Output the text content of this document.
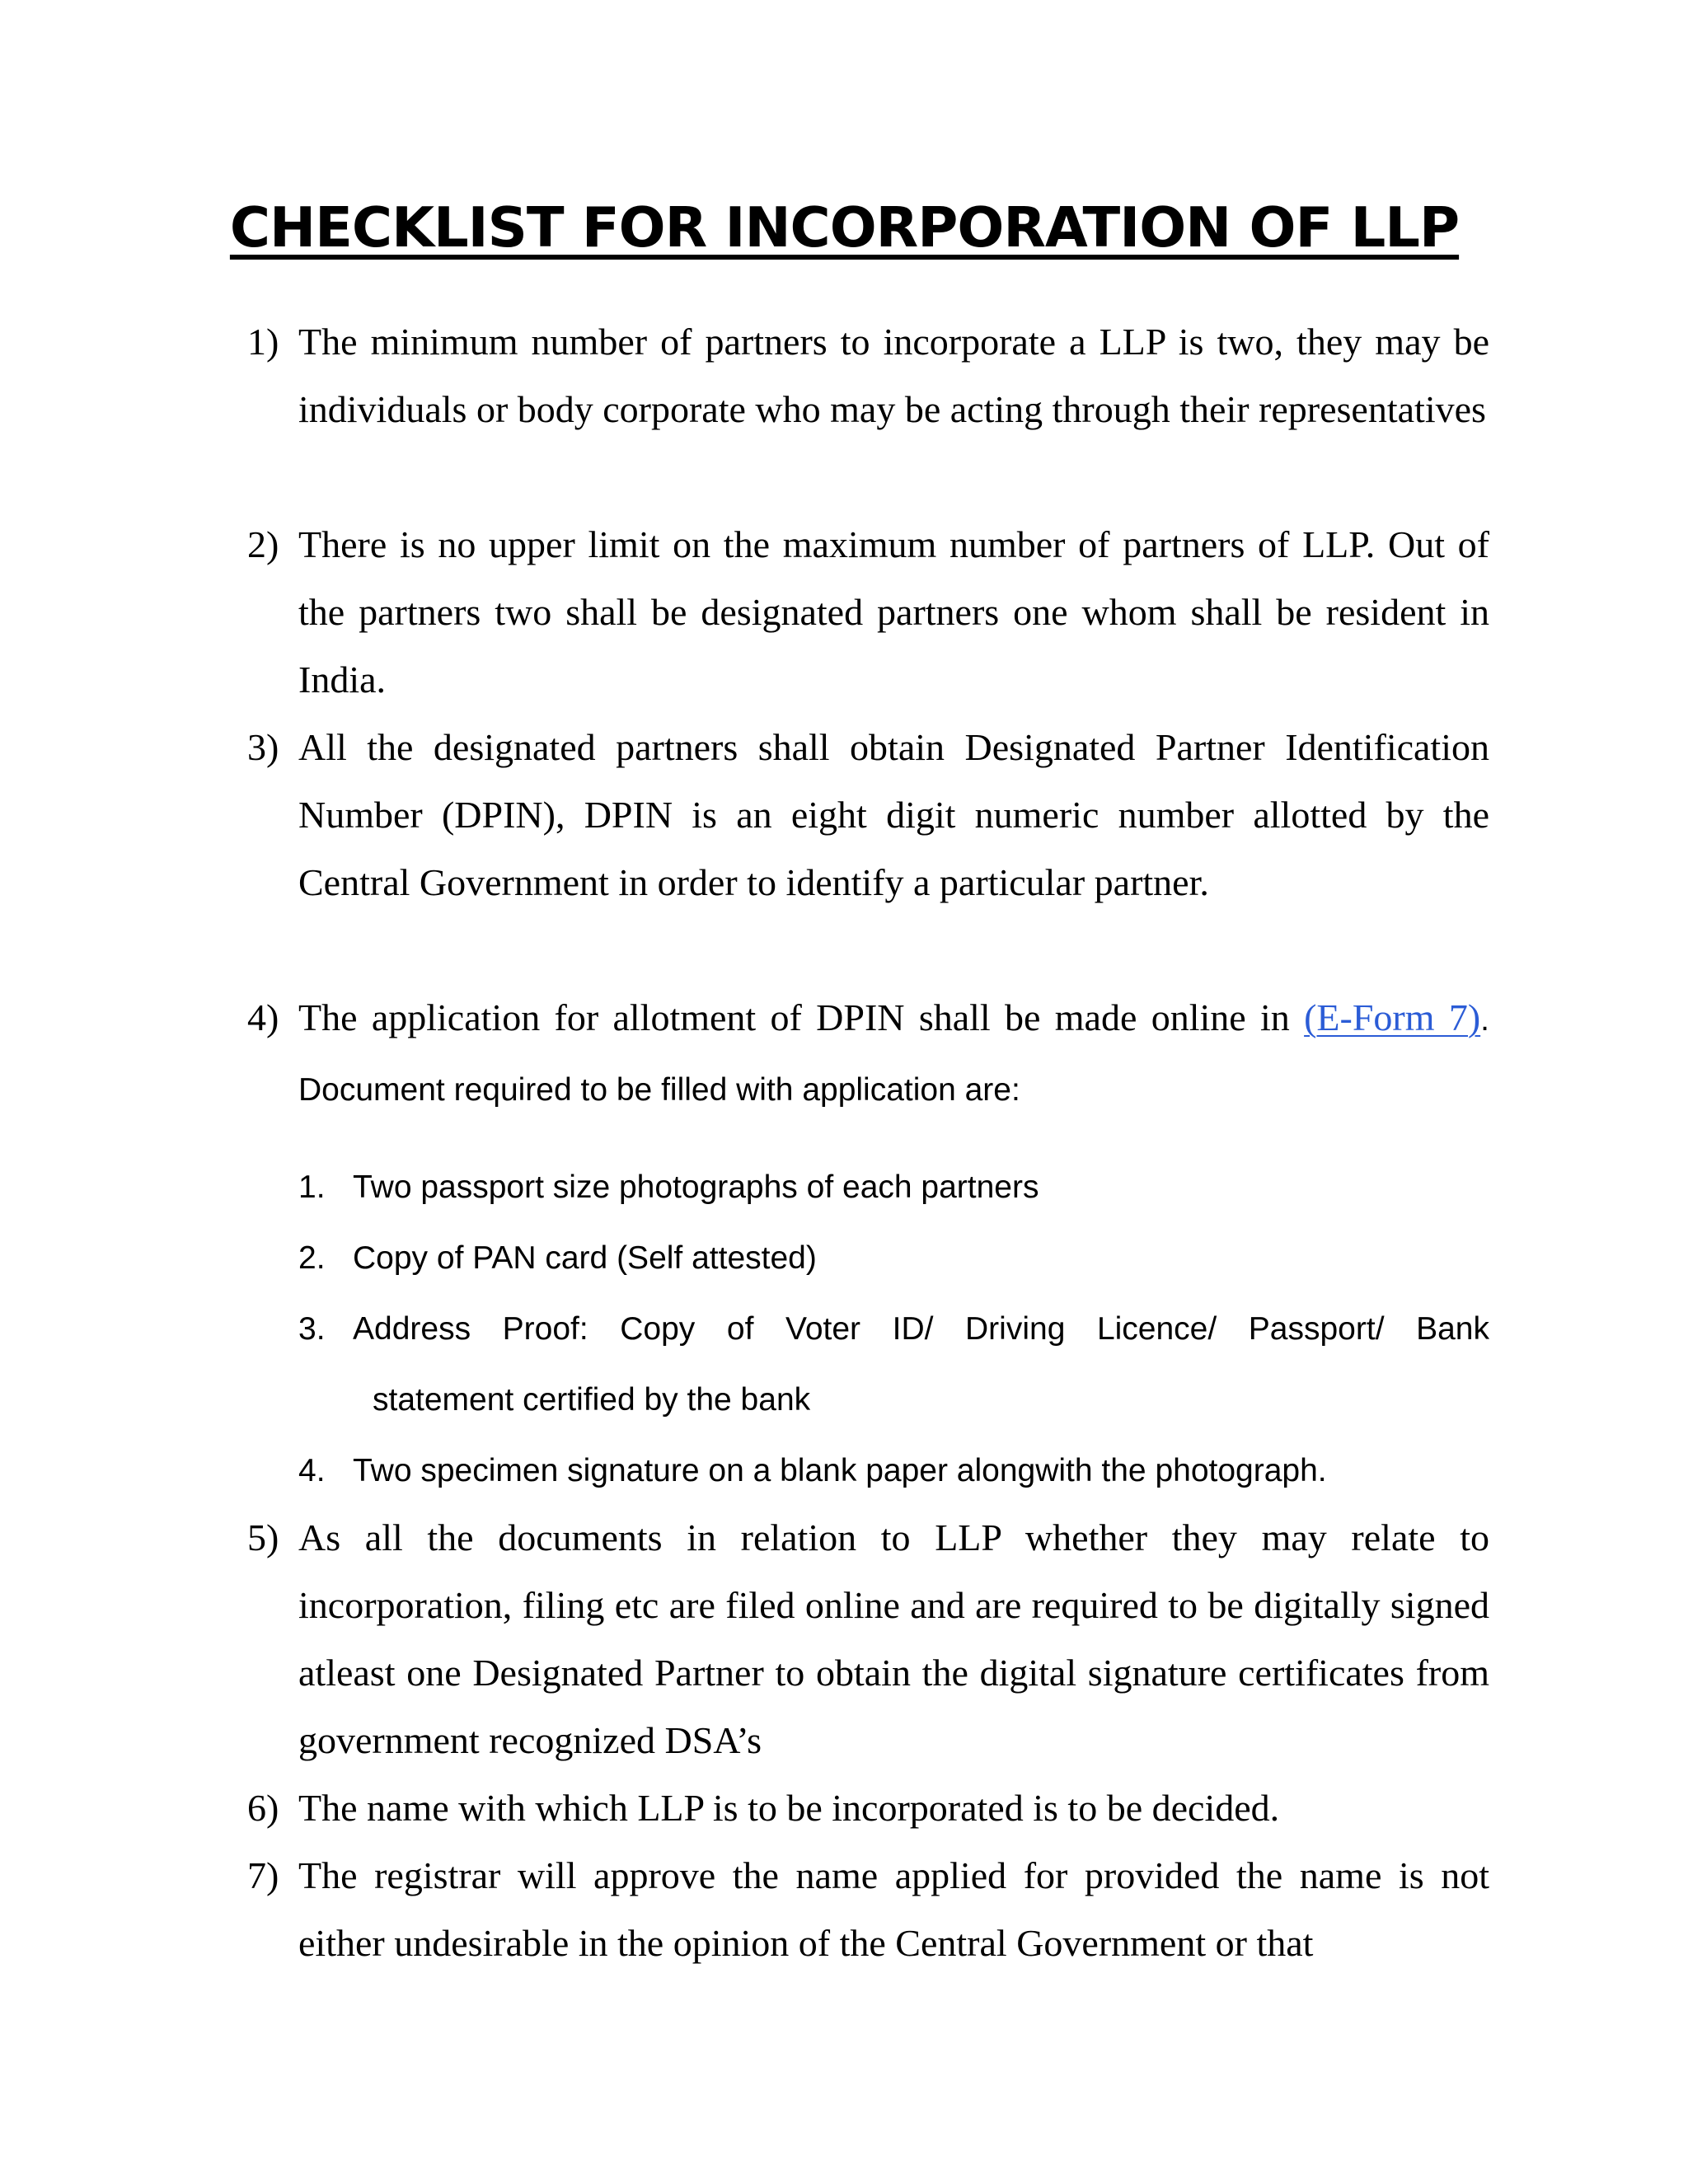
CHECKLIST FOR INCORPORATION OF LLP
1) The minimum number of partners to incorporate a LLP is two, they may be individuals or body corporate who may be acting through their representatives
2) There is no upper limit on the maximum number of partners of LLP. Out of the partners two shall be designated partners one whom shall be resident in India.
3) All the designated partners shall obtain Designated Partner Identification Number (DPIN), DPIN is an eight digit numeric number allotted by the Central Government in order to identify a particular partner.
4) The application for allotment of DPIN shall be made online in (E-Form 7). Document required to be filled with application are:
1. Two passport size photographs of each partners
2. Copy of PAN card (Self attested)
3. Address Proof: Copy of Voter ID/ Driving Licence/ Passport/ Bank
statement certified by the bank
4. Two specimen signature on a blank paper alongwith the photograph.
5) As all the documents in relation to LLP whether they may relate to incorporation, filing etc are filed online and are required to be digitally signed atleast one Designated Partner to obtain the digital signature certificates from government recognized DSA’s
6) The name with which LLP is to be incorporated is to be decided.
7) The registrar will approve the name applied for provided the name is not either undesirable in the opinion of the Central Government or that
